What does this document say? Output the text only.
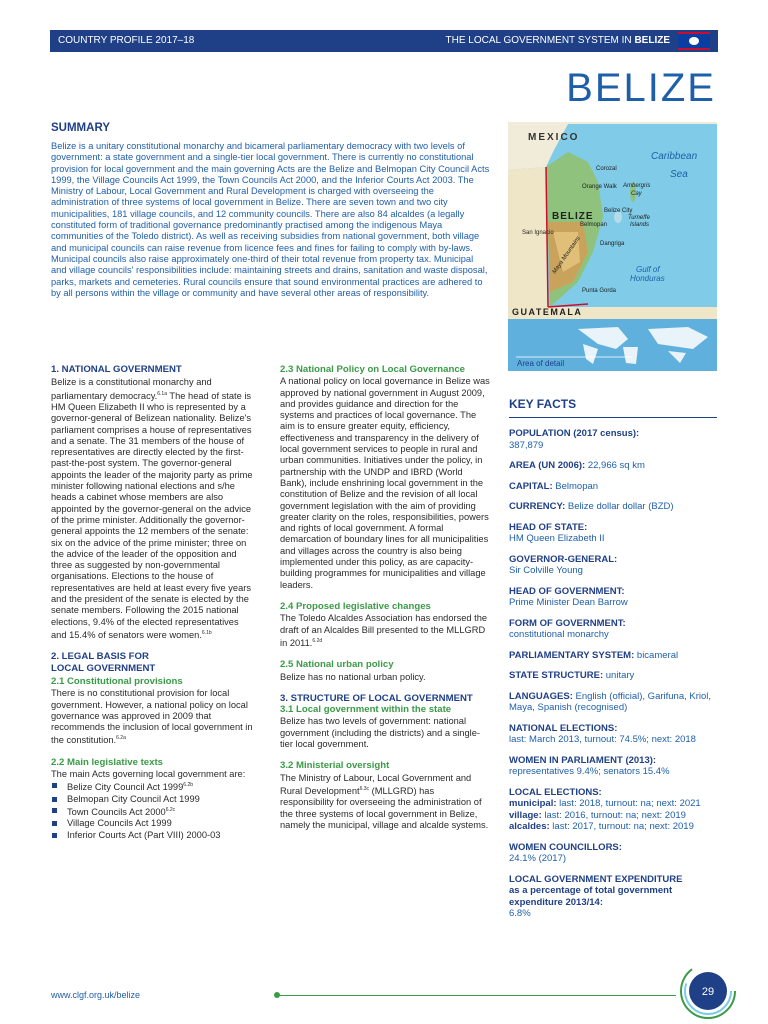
COUNTRY PROFILE 2017–18	THE LOCAL GOVERNMENT SYSTEM IN BELIZE
BELIZE
SUMMARY
Belize is a unitary constitutional monarchy and bicameral parliamentary democracy with two levels of government: a state government and a single-tier local government. There is currently no constitutional provision for local government and the main governing Acts are the Belize and Belmopan City Council Acts 1999, the Village Councils Act 1999, the Town Councils Act 2000, and the Inferior Courts Act 2003. The Ministry of Labour, Local Government and Rural Development is charged with overseeing the administration of three systems of local government in Belize. There are seven town and two city municipalities, 181 village councils, and 12 community councils. There are also 84 alcaldes (a legally constituted form of traditional governance predominantly practised among the indigenous Maya communities of the Toledo district). As well as receiving subsidies from national government, both village and municipal councils can raise revenue from licence fees and fines for failing to comply with by-laws. Municipal councils also raise approximately one-third of their total revenue from property tax. Municipal and village councils' responsibilities include: maintaining streets and drains, sanitation and waste disposal, parks, markets and cemeteries. Rural councils ensure that sound environmental practices are adhered to by all persons within the village or community and have several other areas of responsibility.
1. NATIONAL GOVERNMENT

Belize is a constitutional monarchy and parliamentary democracy.$^{6.1a}$ The head of state is HM Queen Elizabeth II who is represented by a governor-general of Belizean nationality. Belize's parliament comprises a house of representatives and a senate. The 31 members of the house of representatives are directly elected by the first-past-the-post system. The governor-general appoints the leader of the majority party as prime minister following national elections and s/he heads a cabinet whose members are also appointed by the governor-general on the advice of the prime minister. Additionally the governor-general appoints the 12 members of the senate: six on the advice of the prime minister; three on the advice of the leader of the opposition and three as suggested by non-governmental organisations. Elections to the house of representatives are held at least every five years and the president of the senate is elected by the senate members. Following the 2015 national elections, 9.4% of the elected representatives and 15.4% of senators were women.$^{6.1b}$

2. LEGAL BASIS FOR
LOCAL GOVERNMENT
2.1 Constitutional provisions

There is no constitutional provision for local government. However, a national policy on local governance was approved in 2009 that recommends the inclusion of local government in the constitution.$^{6.2a}$

2.2 Main legislative texts

The main Acts governing local government are:

Belize City Council Act $1999^{6.2b}$
Belmopan City Council Act 1999
Town Councils Act $2000^{6.2c}$
Village Councils Act 1999
Inferior Courts Act (Part VIII) 2000-03
2.3 National Policy on Local Governance

A national policy on local governance in Belize was approved by national government in August 2009, and provides guidance and direction for the systems and practices of local governance. The aim is to ensure greater equity, efficiency, effectiveness and transparency in the delivery of local government services to people in rural and urban communities. Initiatives under the policy, in partnership with the UNDP and IBRD (World Bank), include enshrining local government in the constitution of Belize and the revision of all local government legislation with the aim of providing greater clarity on the roles, responsibilities, powers and rights of local government. A formal demarcation of boundary lines for all municipalities and villages across the country is also being implemented under this policy, as are capacity-building programmes for municipalities and village leaders.

2.4 Proposed legislative changes

The Toledo Alcaldes Association has endorsed the draft of an Alcaldes Bill presented to the MLLGRD in 2011.$^{6.2d}$

2.5 National urban policy

Belize has no national urban policy.

3. STRUCTURE OF LOCAL GOVERNMENT
3.1 Local government within the state

Belize has two levels of government: national government (including the districts) and a single-tier local government.

3.2 Ministerial oversight

The Ministry of Labour, Local Government and Rural Development$^{6.3c}$ (MLLGRD) has responsibility for overseeing the administration of the three systems of local government in Belize, namely the municipal, village and alcalde systems.

MEXICO
Caribbean
Sea
BELIZE
GUATEMALA
Gulf of
Honduras
Corozal
Orange Walk Ambergris
Cay
Belize City
Belmopan
Turneffe
Islands
San Ignacio
Dangriga
Maya Mountains
Punta Gorda
Area of detail
KEY FACTS
POPULATION (2017 census):
387,879
AREA (UN 2006): 22,966 sq km
CAPITAL: Belmopan
CURRENCY: Belize dollar dollar (BZD)
HEAD OF STATE:
HM Queen Elizabeth II
GOVERNOR-GENERAL:
Sir Colville Young
HEAD OF GOVERNMENT:
Prime Minister Dean Barrow
FORM OF GOVERNMENT:
constitutional monarchy
PARLIAMENTARY SYSTEM: bicameral
STATE STRUCTURE: unitary
LANGUAGES: English (official), Garifuna, Kriol, Maya, Spanish (recognised)
NATIONAL ELECTIONS:
last: March 2013, turnout: 74.5%; next: 2018
WOMEN IN PARLIAMENT (2013):
representatives 9.4%; senators 15.4%
LOCAL ELECTIONS:
municipal: last: 2018, turnout: na; next: 2021
village: last: 2016, turnout: na; next: 2019
alcaldes: last: 2017, turnout: na; next: 2019
WOMEN COUNCILLORS:
24.1% (2017)
LOCAL GOVERNMENT EXPENDITURE
as a percentage of total government expenditure 2013/14:
6.8%
www.clgf.org.uk/belize	29
